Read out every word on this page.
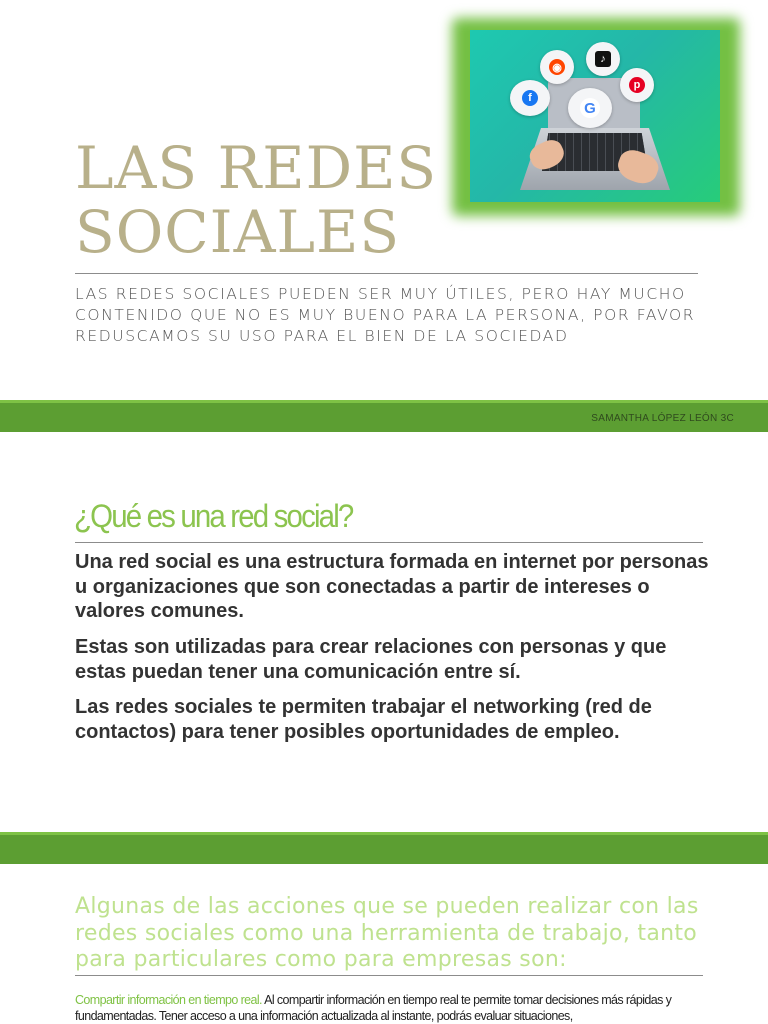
◉
♪
f
p
G
LAS REDES
SOCIALES

LAS REDES SOCIALES PUEDEN SER MUY ÚTILES, PERO HAY MUCHO CONTENIDO QUE NO ES MUY BUENO PARA LA PERSONA, POR FAVOR REDUSCAMOS SU USO PARA EL BIEN DE LA SOCIEDAD

SAMANTHA LÓPEZ LEÓN 3C
¿Qué es una red social?

Una red social es una estructura formada en internet por personas u organizaciones que son conectadas a partir de intereses o valores comunes.

Estas son utilizadas para crear relaciones con personas y que estas puedan tener una comunicación entre sí.

Las redes sociales te permiten trabajar el networking (red de contactos) para tener posibles oportunidades de empleo.

Algunas de las acciones que se pueden realizar con las redes sociales como una herramienta de trabajo, tanto para particulares como para empresas son:

Compartir información en tiempo real. Al compartir información en tiempo real te permite tomar decisiones más rápidas y fundamentadas. Tener acceso a una información actualizada al instante, podrás evaluar situaciones,
